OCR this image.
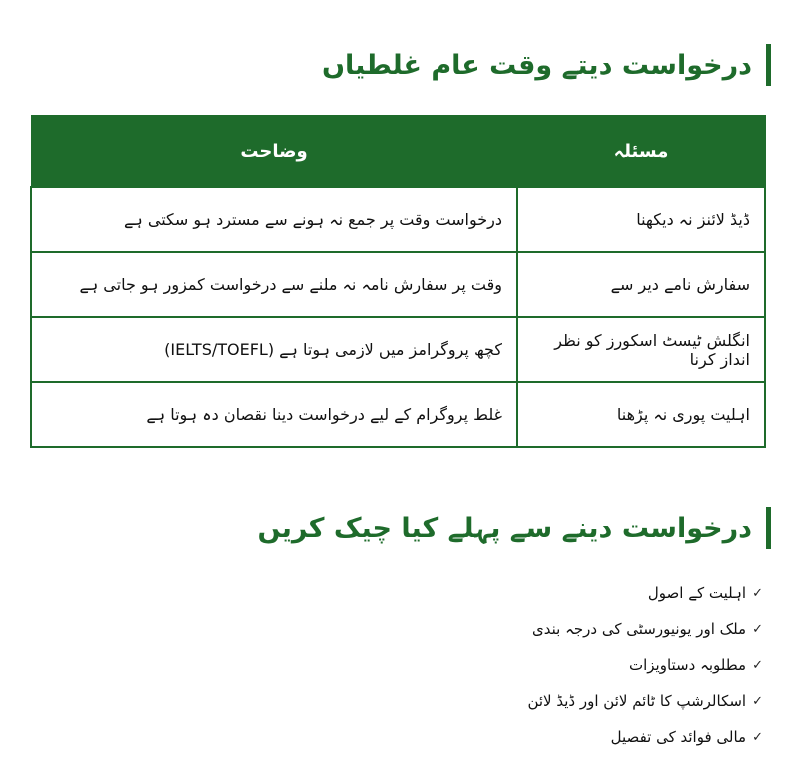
درخواست دیتے وقت عام غلطیاں
مسئلہ	وضاحت
ڈیڈ لائنز نہ دیکھنا	درخواست وقت پر جمع نہ ہونے سے مسترد ہو سکتی ہے
سفارش نامے دیر سے	وقت پر سفارش نامہ نہ ملنے سے درخواست کمزور ہو جاتی ہے
انگلش ٹیسٹ اسکورز کو نظر انداز کرنا	کچھ پروگرامز میں لازمی ہوتا ہے (IELTS/TOEFL)
اہلیت پوری نہ پڑھنا	غلط پروگرام کے لیے درخواست دینا نقصان دہ ہوتا ہے
درخواست دینے سے پہلے کیا چیک کریں
✓
اہلیت کے اصول
✓
ملک اور یونیورسٹی کی درجہ بندی
✓
مطلوبہ دستاویزات
✓
اسکالرشپ کا ٹائم لائن اور ڈیڈ لائن
✓
مالی فوائد کی تفصیل
